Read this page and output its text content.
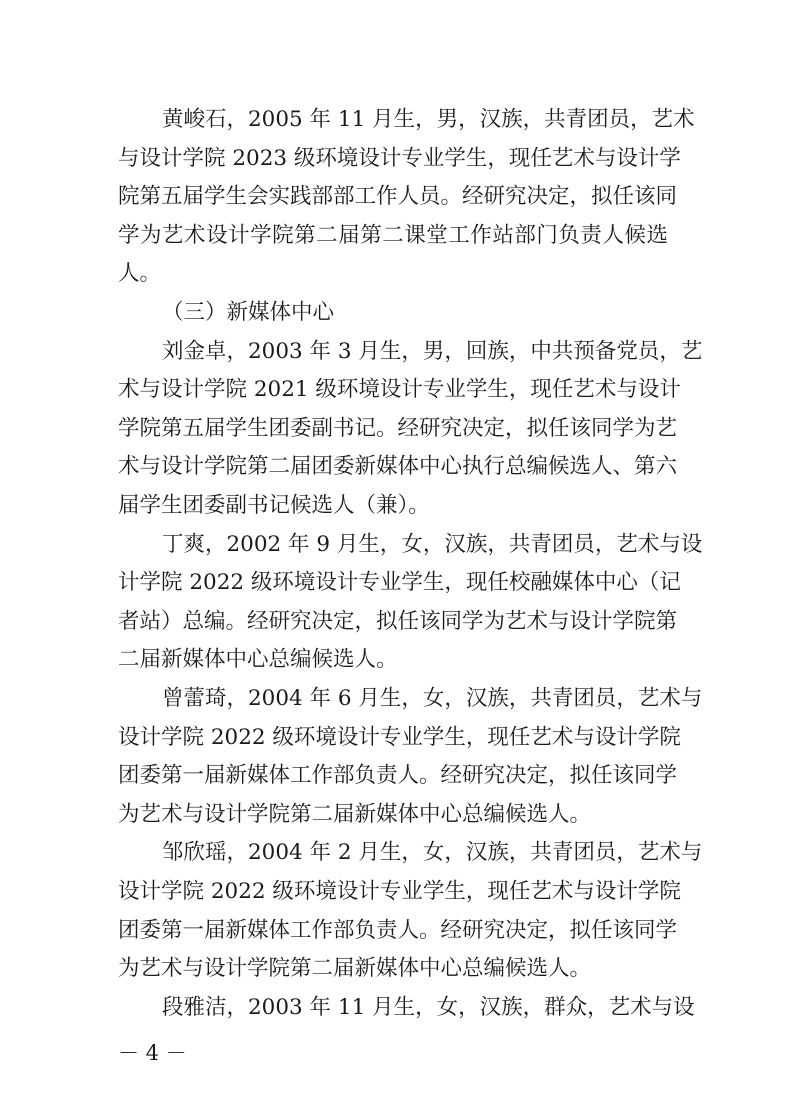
黄峻石，2005 年 11 月生，男，汉族，共青团员，艺术
与设计学院 2023 级环境设计专业学生，现任艺术与设计学
院第五届学生会实践部部工作人员。经研究决定，拟任该同
学为艺术设计学院第二届第二课堂工作站部门负责人候选
人。
（三）新媒体中心
刘金卓，2003 年 3 月生，男，回族，中共预备党员，艺
术与设计学院 2021 级环境设计专业学生，现任艺术与设计
学院第五届学生团委副书记。经研究决定，拟任该同学为艺
术与设计学院第二届团委新媒体中心执行总编候选人、第六
届学生团委副书记候选人（兼）。
丁爽，2002 年 9 月生，女，汉族，共青团员，艺术与设
计学院 2022 级环境设计专业学生，现任校融媒体中心（记
者站）总编。经研究决定，拟任该同学为艺术与设计学院第
二届新媒体中心总编候选人。
曾蕾琦，2004 年 6 月生，女，汉族，共青团员，艺术与
设计学院 2022 级环境设计专业学生，现任艺术与设计学院
团委第一届新媒体工作部负责人。经研究决定，拟任该同学
为艺术与设计学院第二届新媒体中心总编候选人。
邹欣瑶，2004 年 2 月生，女，汉族，共青团员，艺术与
设计学院 2022 级环境设计专业学生，现任艺术与设计学院
团委第一届新媒体工作部负责人。经研究决定，拟任该同学
为艺术与设计学院第二届新媒体中心总编候选人。
段雅洁，2003 年 11 月生，女，汉族，群众，艺术与设
－ 4 －
